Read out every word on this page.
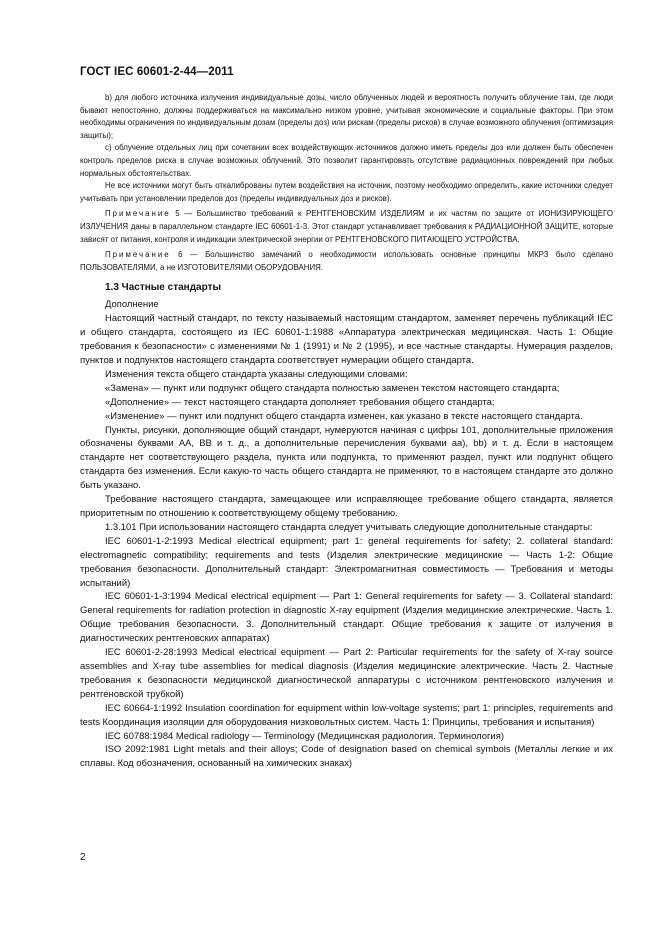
ГОСТ IEC 60601-2-44—2011

b) для любого источника излучения индивидуальные дозы, число облученных людей и вероятность получить облучение там, где люди бывают непостоянно, должны поддерживаться на максимально низком уровне, учитывая экономические и социальные факторы. При этом необходимы ограничения по индивидуальным дозам (пределы доз) или рискам (пределы рисков) в случае возможного облучения (оптимизация защиты);

c) облучение отдельных лиц при сочетании всех воздействующих источников должно иметь пределы доз или должен быть обеспечен контроль пределов риска в случае возможных облучений. Это позволит гарантировать отсутствие радиационных повреждений при любых нормальных обстоятельствах.

Не все источники могут быть откалиброваны путем воздействия на источник, поэтому необходимо определить, какие источники следует учитывать при установлении пределов доз (пределы индивидуальных доз и рисков).

Примечание 5 — Большинство требований к РЕНТГЕНОВСКИМ ИЗДЕЛИЯМ и их частям по защите от ИОНИЗИРУЮЩЕГО ИЗЛУЧЕНИЯ даны в параллельном стандарте IEC 60601-1-3. Этот стандарт устанавливает требования к РАДИАЦИОННОЙ ЗАЩИТЕ, которые зависят от питания, контроля и индикации электрической энергии от РЕНТГЕНОВСКОГО ПИТАЮЩЕГО УСТРОЙСТВА.

Примечание 6 — Большинство замечаний о необходимости использовать основные принципы МКРЗ было сделано ПОЛЬЗОВАТЕЛЯМИ, а не ИЗГОТОВИТЕЛЯМИ ОБОРУДОВАНИЯ.

1.3 Частные стандарты
Дополнение

Настоящий частный стандарт, по тексту называемый настоящим стандартом, заменяет перечень публикаций IEC и общего стандарта, состоящего из IEC 60601-1:1988 «Аппаратура электрическая медицинская. Часть 1: Общие требования к безопасности» с изменениями № 1 (1991) и № 2 (1995), и все частные стандарты. Нумерация разделов, пунктов и подпунктов настоящего стандарта соответствует нумерации общего стандарта.

Изменения текста общего стандарта указаны следующими словами:

«Замена» — пункт или подпункт общего стандарта полностью заменен текстом настоящего стандарта;

«Дополнение» — текст настоящего стандарта дополняет требования общего стандарта;

«Изменение» — пункт или подпункт общего стандарта изменен, как указано в тексте настоящего стандарта.

Пункты, рисунки, дополняющие общий стандарт, нумеруются начиная с цифры 101, дополнительные приложения обозначены буквами АА, ВВ и т. д., а дополнительные перечисления буквами аа), bb) и т. д. Если в настоящем стандарте нет соответствующего раздела, пункта или подпункта, то применяют раздел, пункт или подпункт общего стандарта без изменения. Если какую-то часть общего стандарта не применяют, то в настоящем стандарте это должно быть указано.

Требование настоящего стандарта, замещающее или исправляющее требование общего стандарта, является приоритетным по отношению к соответствующему общему требованию.

1.3.101 При использовании настоящего стандарта следует учитывать следующие дополнительные стандарты:

IEC 60601-1-2:1993 Medical electrical equipment; part 1: general requirements for safety; 2. collateral standard: electromagnetic compatibility; requirements and tests (Изделия электрические медицинские — Часть 1-2: Общие требования безопасности. Дополнительный стандарт: Электромагнитная совместимость — Требования и методы испытаний)

IEC 60601-1-3:1994 Medical electrical equipment — Part 1: General requirements for safety — 3. Collateral standard: General requirements for radiation protection in diagnostic X-ray equipment (Изделия медицинские электрические. Часть 1. Общие требования безопасности. 3. Дополнительный стандарт. Общие требования к защите от излучения в диагностических рентгеновских аппаратах)

IEC 60601-2-28:1993 Medical electrical equipment — Part 2: Particular requirements for the safety of X-ray source assemblies and X-ray tube assemblies for medical diagnosis (Изделия медицинские электрические. Часть 2. Частные требования к безопасности медицинской диагностической аппаратуры с источником рентгеновского излучения и рентгеновской трубкой)

IEC 60664-1:1992 Insulation coordination for equipment within low-voltage systems; part 1: principles, requirements and tests Координация изоляции для оборудования низковольтных систем. Часть 1: Принципы, требования и испытания)

IEC 60788:1984 Medical radiology — Terminology (Медицинская радиология. Терминология)

ISO 2092:1981 Light metals and their alloys; Code of designation based on chemical symbols (Металлы легкие и их сплавы. Код обозначения, основанный на химических знаках)

2
